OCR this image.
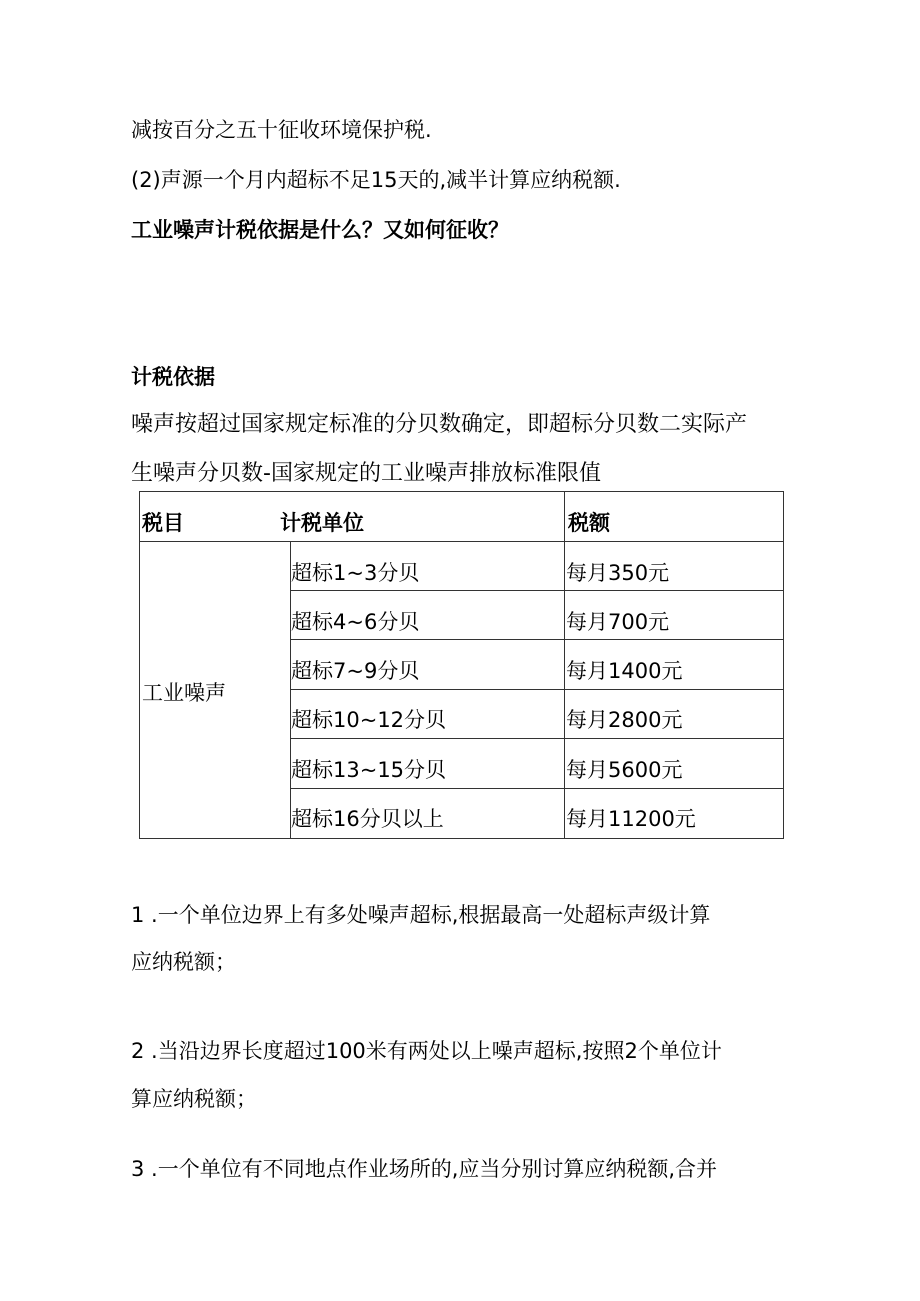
减按百分之五十征收环境保护税.
(2)声源一个月内超标不足15天的,减半计算应纳税额.
工业噪声计税依据是什么？又如何征收？
计税依据
噪声按超过国家规定标准的分贝数确定，即超标分贝数二实际产
生噪声分贝数-国家规定的工业噪声排放标准限值
税目	计税单位	税额
工业噪声
超标1~3分贝	每月350元
超标4~6分贝	每月700元
超标7~9分贝	每月1400元
超标10~12分贝	每月2800元
超标13~15分贝	每月5600元
超标16分贝以上	每月11200元
1 .一个单位边界上有多处噪声超标,根据最高一处超标声级计算
应纳税额；
2 .当沿边界长度超过100米有两处以上噪声超标,按照2个单位计
算应纳税额；
3 .一个单位有不同地点作业场所的,应当分别讨算应纳税额,合并
